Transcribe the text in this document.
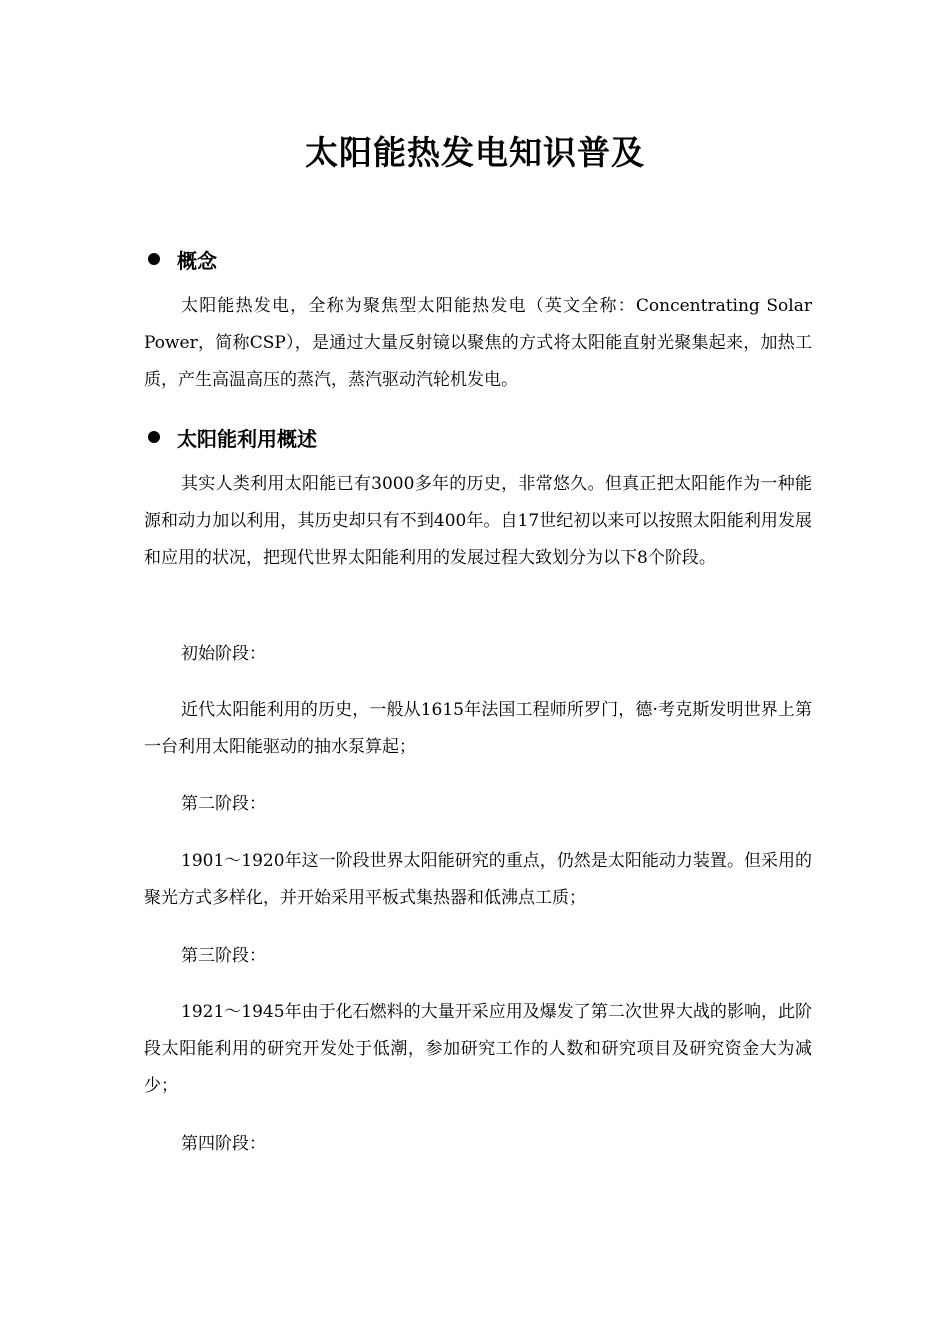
太阳能热发电知识普及
概念

太阳能热发电，全称为聚焦型太阳能热发电（英文全称：Concentrating Solar Power，简称CSP），是通过大量反射镜以聚焦的方式将太阳能直射光聚集起来，加热工质，产生高温高压的蒸汽，蒸汽驱动汽轮机发电。

太阳能利用概述

其实人类利用太阳能已有3000多年的历史，非常悠久。但真正把太阳能作为一种能源和动力加以利用，其历史却只有不到400年。自17世纪初以来可以按照太阳能利用发展和应用的状况，把现代世界太阳能利用的发展过程大致划分为以下8个阶段。

初始阶段：

近代太阳能利用的历史，一般从1615年法国工程师所罗门，德·考克斯发明世界上第一台利用太阳能驱动的抽水泵算起；

第二阶段：

1901～1920年这一阶段世界太阳能研究的重点，仍然是太阳能动力装置。但采用的聚光方式多样化，并开始采用平板式集热器和低沸点工质；

第三阶段：

1921～1945年由于化石燃料的大量开采应用及爆发了第二次世界大战的影响，此阶段太阳能利用的研究开发处于低潮，参加研究工作的人数和研究项目及研究资金大为减少；

第四阶段：
